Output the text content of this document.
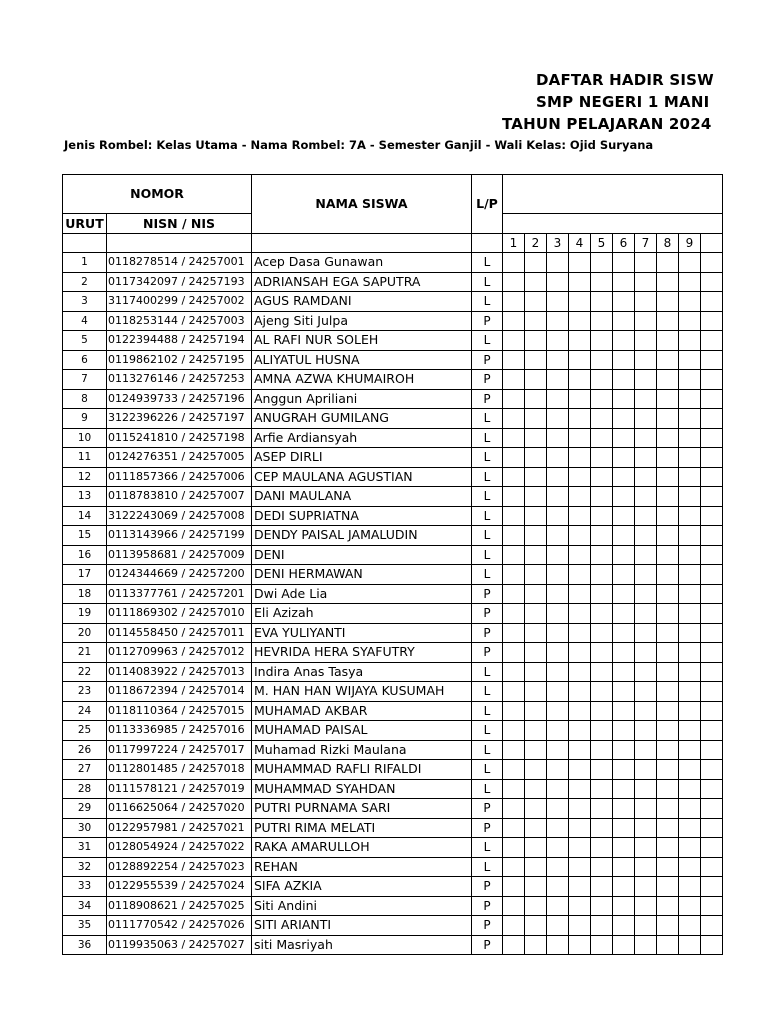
DAFTAR HADIR SISW
SMP NEGERI 1 MANI
TAHUN PELAJARAN 2024
Jenis Rombel: Kelas Utama - Nama Rombel: 7A - Semester Ganjil - Wali Kelas: Ojid Suryana
NOMOR		NAMA SISWA	L/P										
URUT	NISN / NIS												
				1	2	3	4	5	6	7	8	9	
1	0118278514 / 24257001	Acep Dasa Gunawan	L										
2	0117342097 / 24257193	ADRIANSAH EGA SAPUTRA	L										
3	3117400299 / 24257002	AGUS RAMDANI	L										
4	0118253144 / 24257003	Ajeng Siti Julpa	P										
5	0122394488 / 24257194	AL RAFI NUR SOLEH	L										
6	0119862102 / 24257195	ALIYATUL HUSNA	P										
7	0113276146 / 24257253	AMNA AZWA KHUMAIROH	P										
8	0124939733 / 24257196	Anggun Apriliani	P										
9	3122396226 / 24257197	ANUGRAH GUMILANG	L										
10	0115241810 / 24257198	Arfie Ardiansyah	L										
11	0124276351 / 24257005	ASEP DIRLI	L										
12	0111857366 / 24257006	CEP MAULANA AGUSTIAN	L										
13	0118783810 / 24257007	DANI MAULANA	L										
14	3122243069 / 24257008	DEDI SUPRIATNA	L										
15	0113143966 / 24257199	DENDY PAISAL JAMALUDIN	L										
16	0113958681 / 24257009	DENI	L										
17	0124344669 / 24257200	DENI HERMAWAN	L										
18	0113377761 / 24257201	Dwi Ade Lia	P										
19	0111869302 / 24257010	Eli Azizah	P										
20	0114558450 / 24257011	EVA YULIYANTI	P										
21	0112709963 / 24257012	HEVRIDA HERA SYAFUTRY	P										
22	0114083922 / 24257013	Indira Anas Tasya	L										
23	0118672394 / 24257014	M. HAN HAN WIJAYA KUSUMAH	L										
24	0118110364 / 24257015	MUHAMAD AKBAR	L										
25	0113336985 / 24257016	MUHAMAD PAISAL	L										
26	0117997224 / 24257017	Muhamad Rizki Maulana	L										
27	0112801485 / 24257018	MUHAMMAD RAFLI RIFALDI	L										
28	0111578121 / 24257019	MUHAMMAD SYAHDAN	L										
29	0116625064 / 24257020	PUTRI PURNAMA SARI	P										
30	0122957981 / 24257021	PUTRI RIMA MELATI	P										
31	0128054924 / 24257022	RAKA AMARULLOH	L										
32	0128892254 / 24257023	REHAN	L										
33	0122955539 / 24257024	SIFA AZKIA	P										
34	0118908621 / 24257025	Siti Andini	P										
35	0111770542 / 24257026	SITI ARIANTI	P										
36	0119935063 / 24257027	siti Masriyah	P										
